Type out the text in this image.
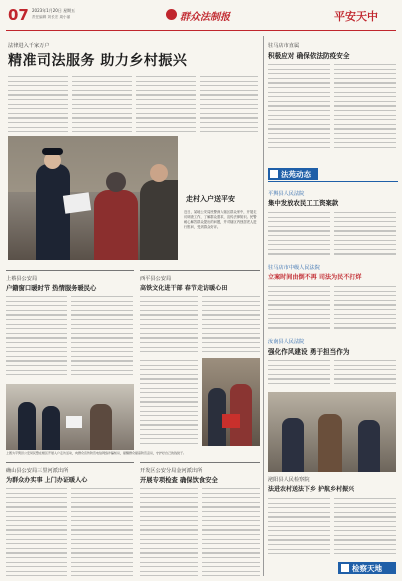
07 2023年1月20日 星期五
责任编辑 刘长宏 周小丽	群众法制报	平安天中
法律进入千家万户
精准司法服务 助力乡村振兴
走村入户送平安
近日，某地公安局民警深入辖区群众家中，开展走访调查工作，了解群众需求，宣传法律知识。民警耐心解答群众提出的问题，并对辖区内独居老人进行慰问，受到群众好评。
驻马店市直属
积极应对 确保依法防疫安全
法苑动态
平舆县人民法院
集中发放农民工工资案款
驻马店市中级人民法院
立案时间由倒不再 司法为民不打烊
汝南县人民法院
强化作风建设 勇于担当作为
上蔡县公安局
户籍窗口暖时节 热情服务暖民心
西平县公安局
高铁文化进干部 春节走访暖心田
上图为平舆县公安局民警在辖区开展入户走访活动，向群众宣传防范电信网络诈骗知识，提醒群众提高防范意识，守护好自己的钱袋子。
确山县公安局三里河派出所
为群众办实事 上门办证暖人心
开发区公安分局金河派出所
开展专项检查 确保饮食安全	泌阳县人民检察院
法进农村送法下乡 护航乡村振兴
检察天地
